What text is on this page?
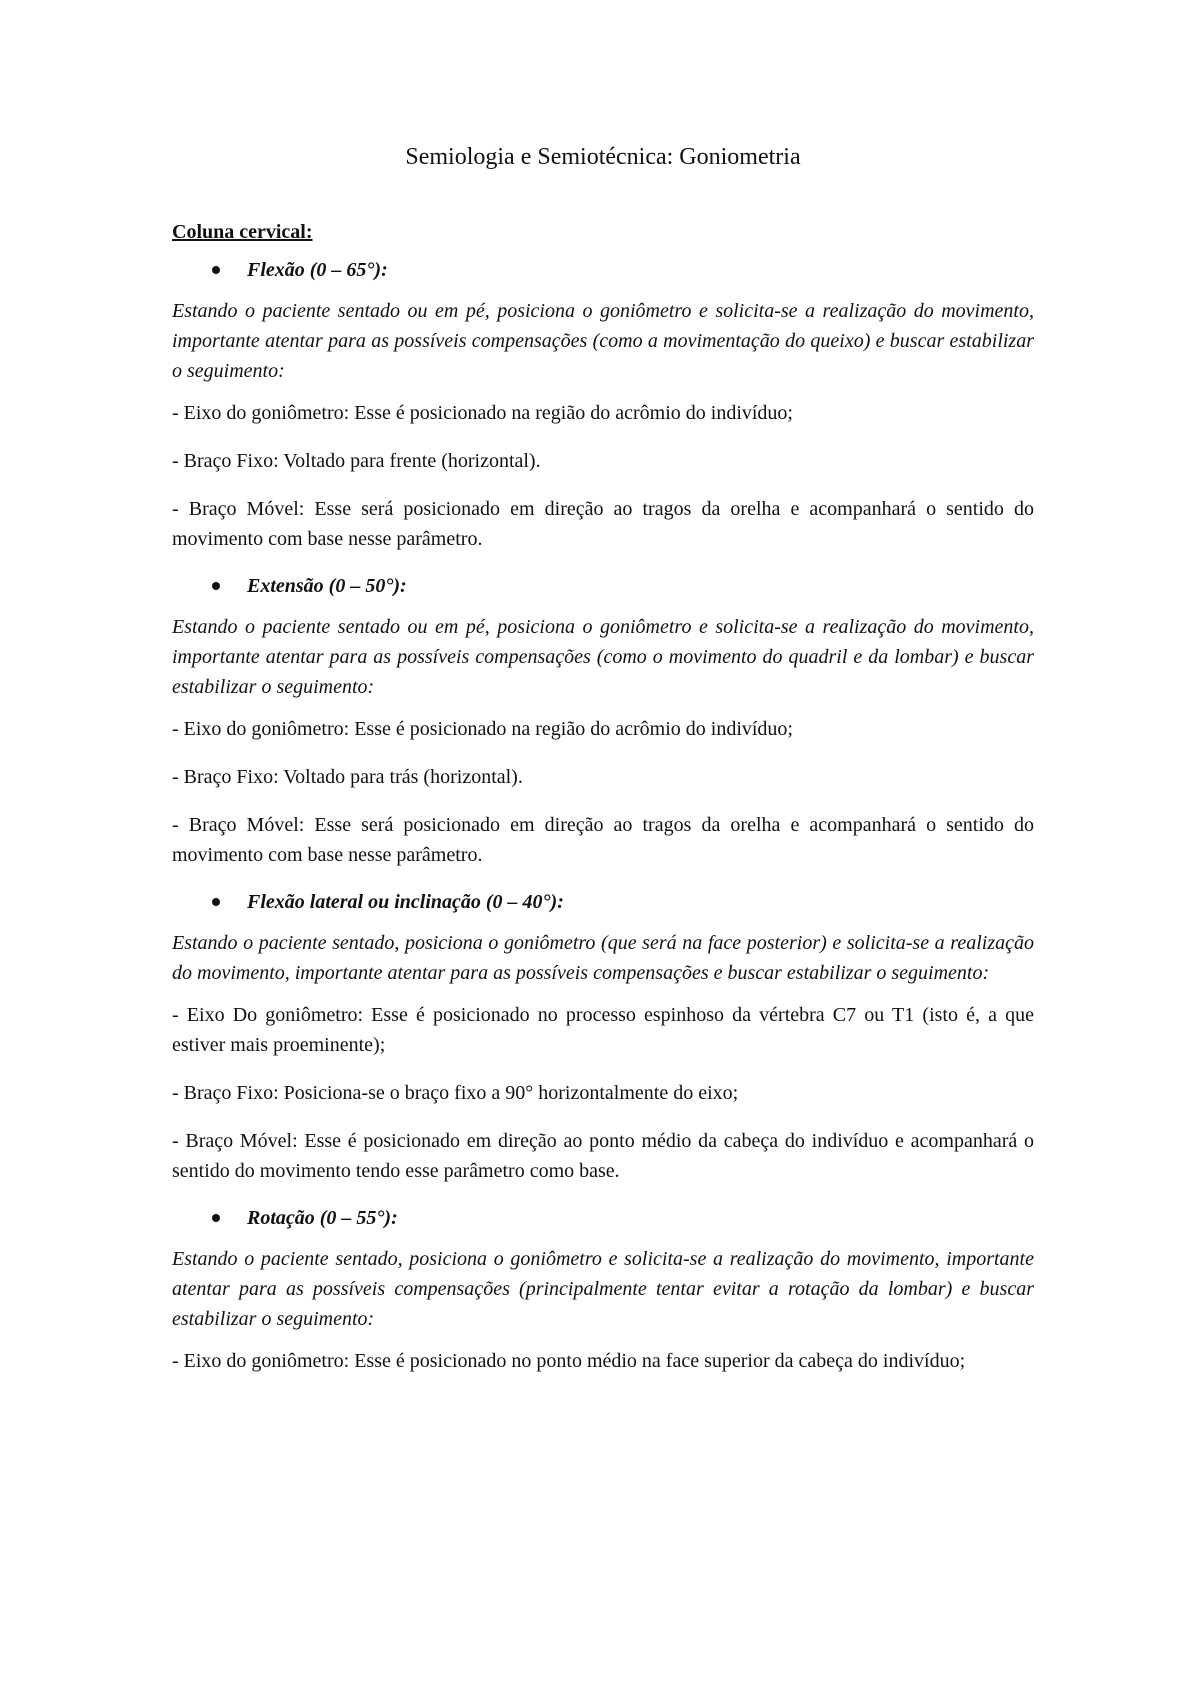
Semiologia e Semiotécnica: Goniometria
Coluna cervical:
Flexão (0 – 65°):

Estando o paciente sentado ou em pé, posiciona o goniômetro e solicita-se a realização do movimento, importante atentar para as possíveis compensações (como a movimentação do queixo) e buscar estabilizar o seguimento:

- Eixo do goniômetro: Esse é posicionado na região do acrômio do indivíduo;

- Braço Fixo: Voltado para frente (horizontal).

- Braço Móvel: Esse será posicionado em direção ao tragos da orelha e acompanhará o sentido do movimento com base nesse parâmetro.

Extensão (0 – 50°):

Estando o paciente sentado ou em pé, posiciona o goniômetro e solicita-se a realização do movimento, importante atentar para as possíveis compensações (como o movimento do quadril e da lombar) e buscar estabilizar o seguimento:

- Eixo do goniômetro: Esse é posicionado na região do acrômio do indivíduo;

- Braço Fixo: Voltado para trás (horizontal).

- Braço Móvel: Esse será posicionado em direção ao tragos da orelha e acompanhará o sentido do movimento com base nesse parâmetro.

Flexão lateral ou inclinação (0 – 40°):

Estando o paciente sentado, posiciona o goniômetro (que será na face posterior) e solicita-se a realização do movimento, importante atentar para as possíveis compensações e buscar estabilizar o seguimento:

- Eixo Do goniômetro: Esse é posicionado no processo espinhoso da vértebra C7 ou T1 (isto é, a que estiver mais proeminente);

- Braço Fixo: Posiciona-se o braço fixo a 90° horizontalmente do eixo;

- Braço Móvel: Esse é posicionado em direção ao ponto médio da cabeça do indivíduo e acompanhará o sentido do movimento tendo esse parâmetro como base.

Rotação (0 – 55°):

Estando o paciente sentado, posiciona o goniômetro e solicita-se a realização do movimento, importante atentar para as possíveis compensações (principalmente tentar evitar a rotação da lombar) e buscar estabilizar o seguimento:

- Eixo do goniômetro: Esse é posicionado no ponto médio na face superior da cabeça do indivíduo;
